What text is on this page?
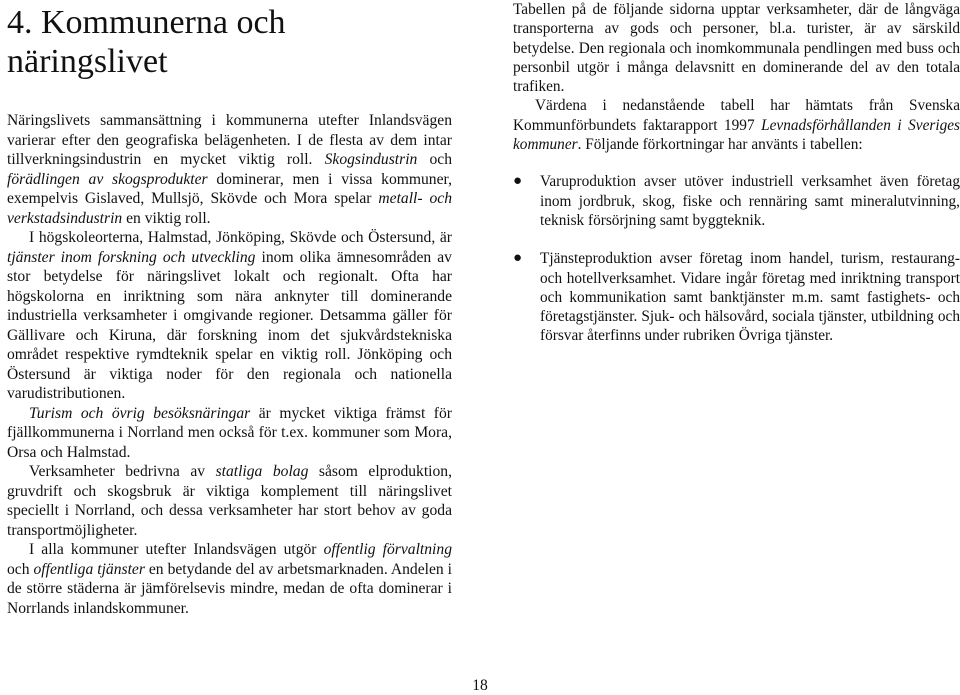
4. Kommunerna och näringslivet

Näringslivets sammansättning i kommunerna utefter Inlandsvägen varierar efter den geografiska belägenheten. I de flesta av dem intar tillverkningsindustrin en mycket viktig roll. Skogsindustrin och förädlingen av skogsprodukter dominerar, men i vissa kommuner, exempelvis Gislaved, Mullsjö, Skövde och Mora spelar metall- och verkstadsindustrin en viktig roll.

I högskoleorterna, Halmstad, Jönköping, Skövde och Östersund, är tjänster inom forskning och utveckling inom olika ämnesområden av stor betydelse för näringslivet lokalt och regionalt. Ofta har högskolorna en inriktning som nära anknyter till dominerande industriella verksamheter i omgivande regioner. Detsamma gäller för Gällivare och Kiruna, där forskning inom det sjukvårdstekniska området respektive rymdteknik spelar en viktig roll. Jönköping och Östersund är viktiga noder för den regionala och nationella varudistributionen.

Turism och övrig besöksnäringar är mycket viktiga främst för fjällkommunerna i Norrland men också för t.ex. kommuner som Mora, Orsa och Halmstad.

Verksamheter bedrivna av statliga bolag såsom elproduktion, gruvdrift och skogsbruk är viktiga komplement till näringslivet speciellt i Norrland, och dessa verksamheter har stort behov av goda transportmöjligheter.

I alla kommuner utefter Inlandsvägen utgör offentlig förvaltning och offentliga tjänster en betydande del av arbetsmarknaden. Andelen i de större städerna är jämförelsevis mindre, medan de ofta dominerar i Norrlands inlandskommuner.

Tabellen på de följande sidorna upptar verksamheter, där de långväga transporterna av gods och personer, bl.a. turister, är av särskild betydelse. Den regionala och inomkommunala pendlingen med buss och personbil utgör i många delavsnitt en dominerande del av den totala trafiken.

Värdena i nedanstående tabell har hämtats från Svenska Kommunförbundets faktarapport 1997 Levnadsförhållanden i Sveriges kommuner. Följande förkortningar har använts i tabellen:

● Varuproduktion avser utöver industriell verksamhet även företag inom jordbruk, skog, fiske och rennäring samt mineralutvinning, teknisk försörjning samt byggteknik.
● Tjänsteproduktion avser företag inom handel, turism, restaurang- och hotellverksamhet. Vidare ingår företag med inriktning transport och kommunikation samt banktjänster m.m. samt fastighets- och företagstjänster. Sjuk- och hälsovård, sociala tjänster, utbildning och försvar återfinns under rubriken Övriga tjänster.
18
